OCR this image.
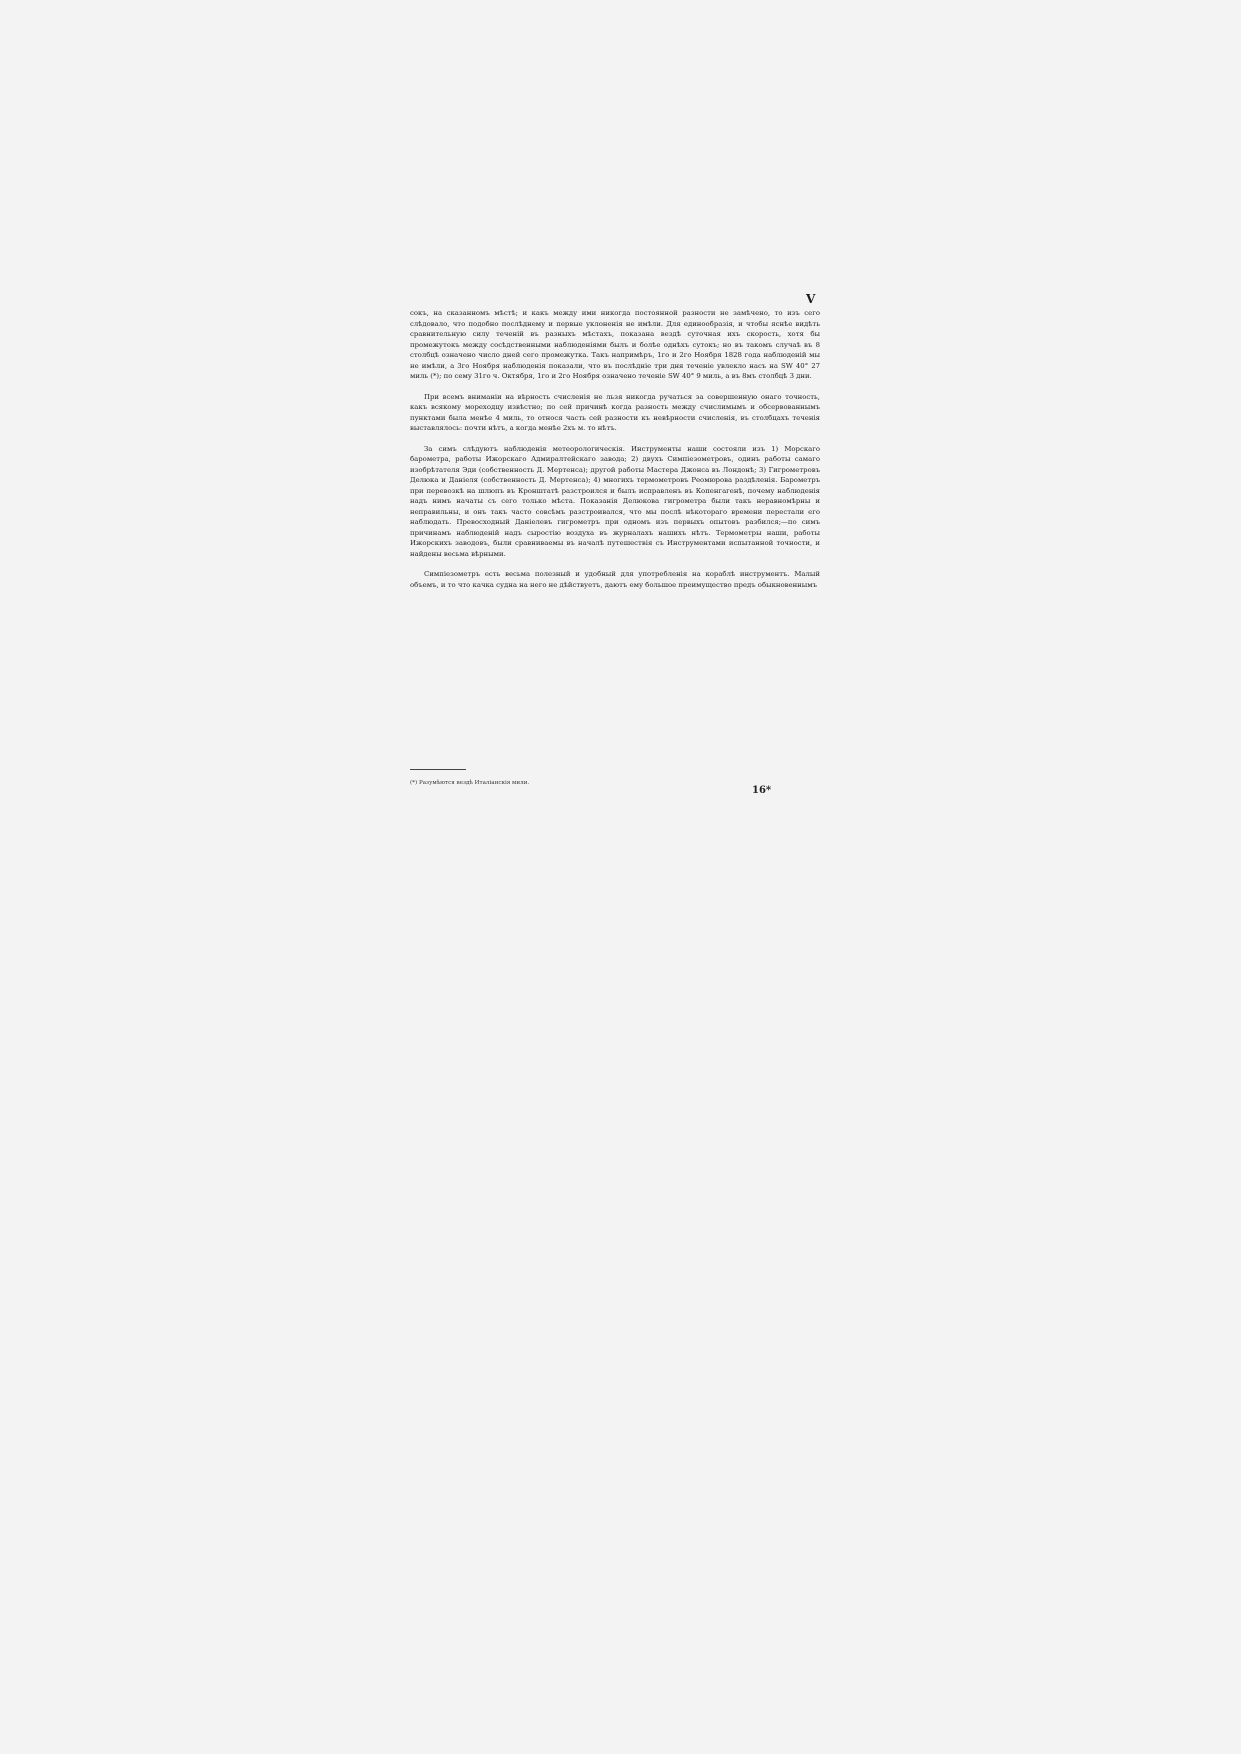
V

сокъ, на сказанномъ мѣстѣ; и какъ между ими никогда постоянной разности не замѣчено, то изъ сего слѣдовало, что подобно послѣднему и первые уклоненія не имѣли. Для единообразія, и чтобы яснѣе видѣть сравнительную силу теченій въ разныхъ мѣстахъ, показана вездѣ суточная ихъ скорость, хотя бы промежутокъ между сосѣдственными наблюденіями былъ и болѣе однѣхъ сутокъ; но въ такомъ случаѣ въ 8 столбцѣ означено число дней сего промежутка. Такъ напримѣръ, 1го и 2го Ноября 1828 года наблюденій мы не имѣли, а 3го Ноября наблюденія показали, что въ послѣдніе три дня теченіе увлекло насъ на SW 40° 27 миль (*); по сему 31го ч. Октября, 1го и 2го Ноября означено теченіе SW 40° 9 миль, а въ 8мъ столбцѣ 3 дни.

При всемъ вниманіи на вѣрность счисленія не льзя никогда ручаться за совершенную онаго точность, какъ всякому мореходцу извѣстно; по сей причинѣ когда разность между счислимымъ и обсервованнымъ пунктами была менѣе 4 миль, то относя часть сей разности къ невѣрности счисленія, въ столбцахъ теченія выставлялось: почти нѣтъ, а когда менѣе 2хъ м. то нѣтъ.

За симъ слѣдуютъ наблюденія метеорологическія. Инструменты наши состояли изъ 1) Морскаго барометра, работы Ижорскаго Адмиралтейскаго завода; 2) двухъ Симпіезометровъ, одинъ работы самаго изобрѣтателя Эди (собственность Д. Мертенса); другой работы Мастера Джонса въ Лондонѣ; 3) Гигрометровъ Делюка и Даніеля (собственность Д. Мертенса); 4) многихъ термометровъ Реомюрова раздѣленія. Барометръ при перевозкѣ на шлюпъ въ Кронштатѣ разстроился и былъ исправленъ въ Копенгагенѣ, почему наблюденія надъ нимъ начаты съ сего только мѣста. Показанія Делюкова гигрометра были такъ неравномѣрны и неправильны, и онъ такъ часто совсѣмъ разстроивался, что мы послѣ нѣкотораго времени перестали его наблюдать. Превосходный Даніелевъ гигрометръ при одномъ изъ первыхъ опытовъ разбился;—по симъ причинамъ наблюденій надъ сыростію воздуха въ журналахъ нашихъ нѣтъ. Термометры наши, работы Ижорскихъ заводовъ, были сравниваемы въ началѣ путешествія съ Инструментами испытанной точности, и найдены весьма вѣрными.

Симпіезометръ есть весьма полезный и удобный для употребленія на кораблѣ инструментъ. Малый объемъ, и то что качка судна на него не дѣйствуетъ, даютъ ему большое преимущество предъ обыкновеннымъ

(*) Разумѣются вездѣ Италіанскія мили.
16*
